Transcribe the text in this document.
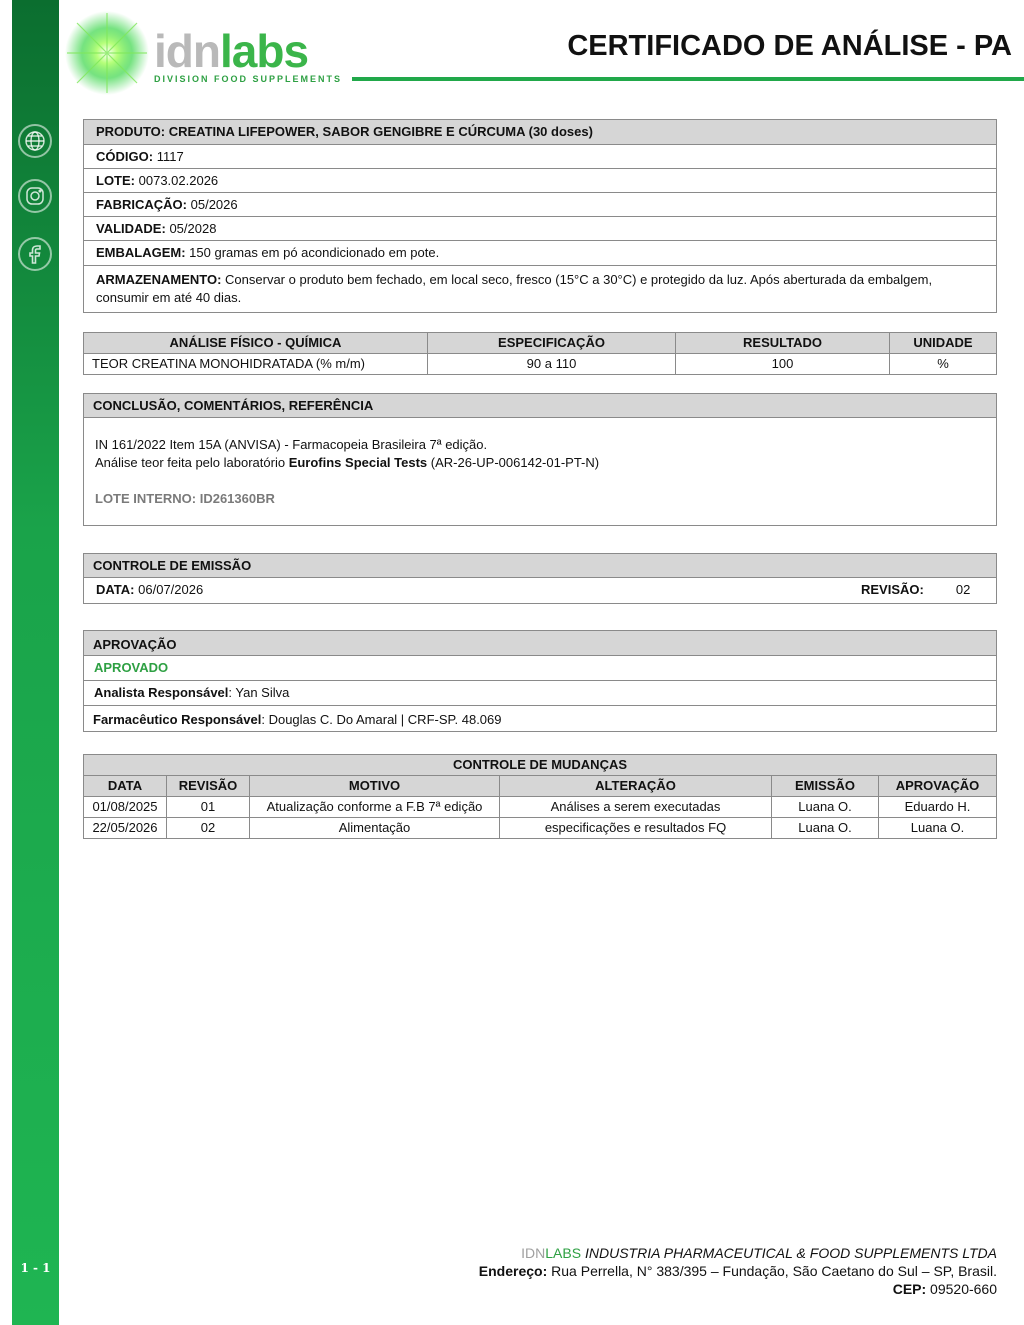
1 - 1
idnlabs
DIVISION FOOD SUPPLEMENTS
CERTIFICADO DE ANÁLISE - PA
PRODUTO: CREATINA LIFEPOWER, SABOR GENGIBRE E CÚRCUMA (30 doses)
CÓDIGO: 1117
LOTE: 0073.02.2026
FABRICAÇÃO: 05/2026
VALIDADE: 05/2028
EMBALAGEM: 150 gramas em pó acondicionado em pote.
ARMAZENAMENTO: Conservar o produto bem fechado, em local seco, fresco (15°C a 30°C) e protegido da luz. Após aberturada da embalgem, consumir em até 40 dias.
ANÁLISE FÍSICO - QUÍMICA	ESPECIFICAÇÃO	RESULTADO	UNIDADE
TEOR CREATINA MONOHIDRATADA (% m/m)	90 a 110	100	%
CONCLUSÃO, COMENTÁRIOS, REFERÊNCIA
IN 161/2022 Item 15A (ANVISA) - Farmacopeia Brasileira 7ª edição.
Análise teor feita pelo laboratório Eurofins Special Tests (AR-26-UP-006142-01-PT-N)
LOTE INTERNO: ID261360BR
CONTROLE DE EMISSÃO
DATA: 06/07/2026	REVISÃO: 02
APROVAÇÃO
APROVADO
Analista Responsável: Yan Silva
Farmacêutico Responsável: Douglas C. Do Amaral | CRF-SP. 48.069
CONTROLE DE MUDANÇAS					
DATA	REVISÃO	MOTIVO	ALTERAÇÃO	EMISSÃO	APROVAÇÃO
01/08/2025	01	Atualização conforme a F.B 7ª edição	Análises a serem executadas	Luana O.	Eduardo H.
22/05/2026	02	Alimentação	especificações e resultados FQ	Luana O.	Luana O.
IDNLABS INDUSTRIA PHARMACEUTICAL & FOOD SUPPLEMENTS LTDA
Endereço: Rua Perrella, N° 383/395 – Fundação, São Caetano do Sul – SP, Brasil.
CEP: 09520-660
